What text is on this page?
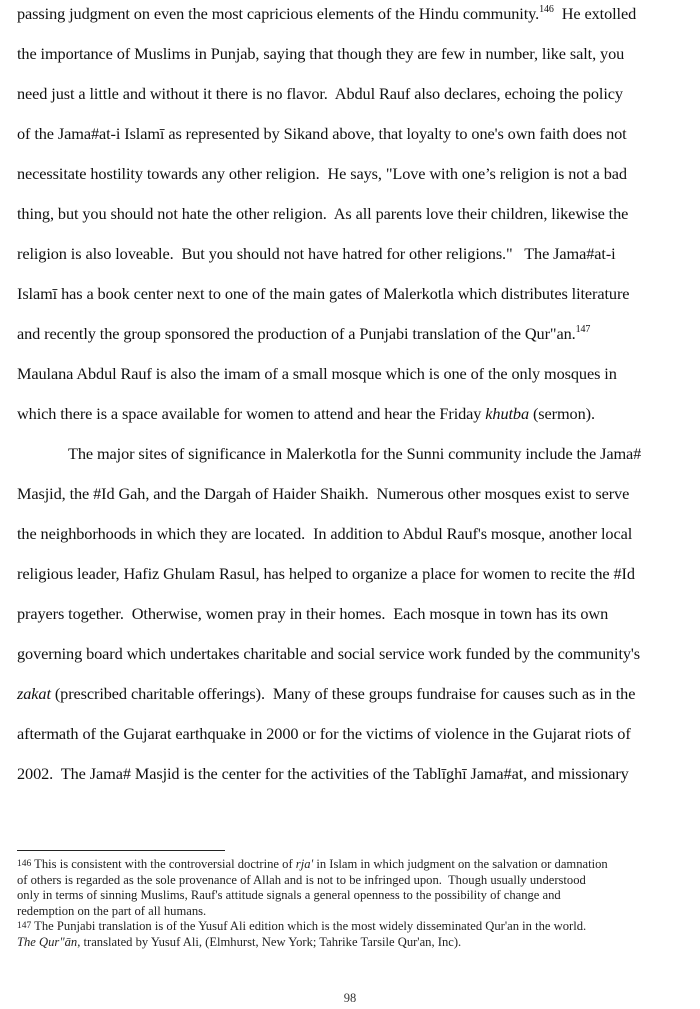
passing judgment on even the most capricious elements of the Hindu community.$^{146}$  He extolled
the importance of Muslims in Punjab, saying that though they are few in number, like salt, you
need just a little and without it there is no flavor.  Abdul Rauf also declares, echoing the policy
of the Jama#at-i Islamī as represented by Sikand above, that loyalty to one's own faith does not
necessitate hostility towards any other religion.  He says, "Love with one’s religion is not a bad
thing, but you should not hate the other religion.  As all parents love their children, likewise the
religion is also loveable.  But you should not have hatred for other religions."   The Jama#at-i
Islamī has a book center next to one of the main gates of Malerkotla which distributes literature
and recently the group sponsored the production of a Punjabi translation of the Qur"an.$^{147}$
Maulana Abdul Rauf is also the imam of a small mosque which is one of the only mosques in
which there is a space available for women to attend and hear the Friday khutba (sermon).
The major sites of significance in Malerkotla for the Sunni community include the Jama#
Masjid, the #Id Gah, and the Dargah of Haider Shaikh.  Numerous other mosques exist to serve
the neighborhoods in which they are located.  In addition to Abdul Rauf's mosque, another local
religious leader, Hafiz Ghulam Rasul, has helped to organize a place for women to recite the #Id
prayers together.  Otherwise, women pray in their homes.  Each mosque in town has its own
governing board which undertakes charitable and social service work funded by the community's
zakat (prescribed charitable offerings).  Many of these groups fundraise for causes such as in the
aftermath of the Gujarat earthquake in 2000 or for the victims of violence in the Gujarat riots of
2002.  The Jama# Masjid is the center for the activities of the Tablīghī Jama#at, and missionary
146 This is consistent with the controversial doctrine of rja' in Islam in which judgment on the salvation or damnation
of others is regarded as the sole provenance of Allah and is not to be infringed upon.  Though usually understood
only in terms of sinning Muslims, Rauf's attitude signals a general openness to the possibility of change and
redemption on the part of all humans.
147 The Punjabi translation is of the Yusuf Ali edition which is the most widely disseminated Qur'an in the world.
The Qur"ān, translated by Yusuf Ali, (Elmhurst, New York; Tahrike Tarsile Qur'an, Inc).
98
